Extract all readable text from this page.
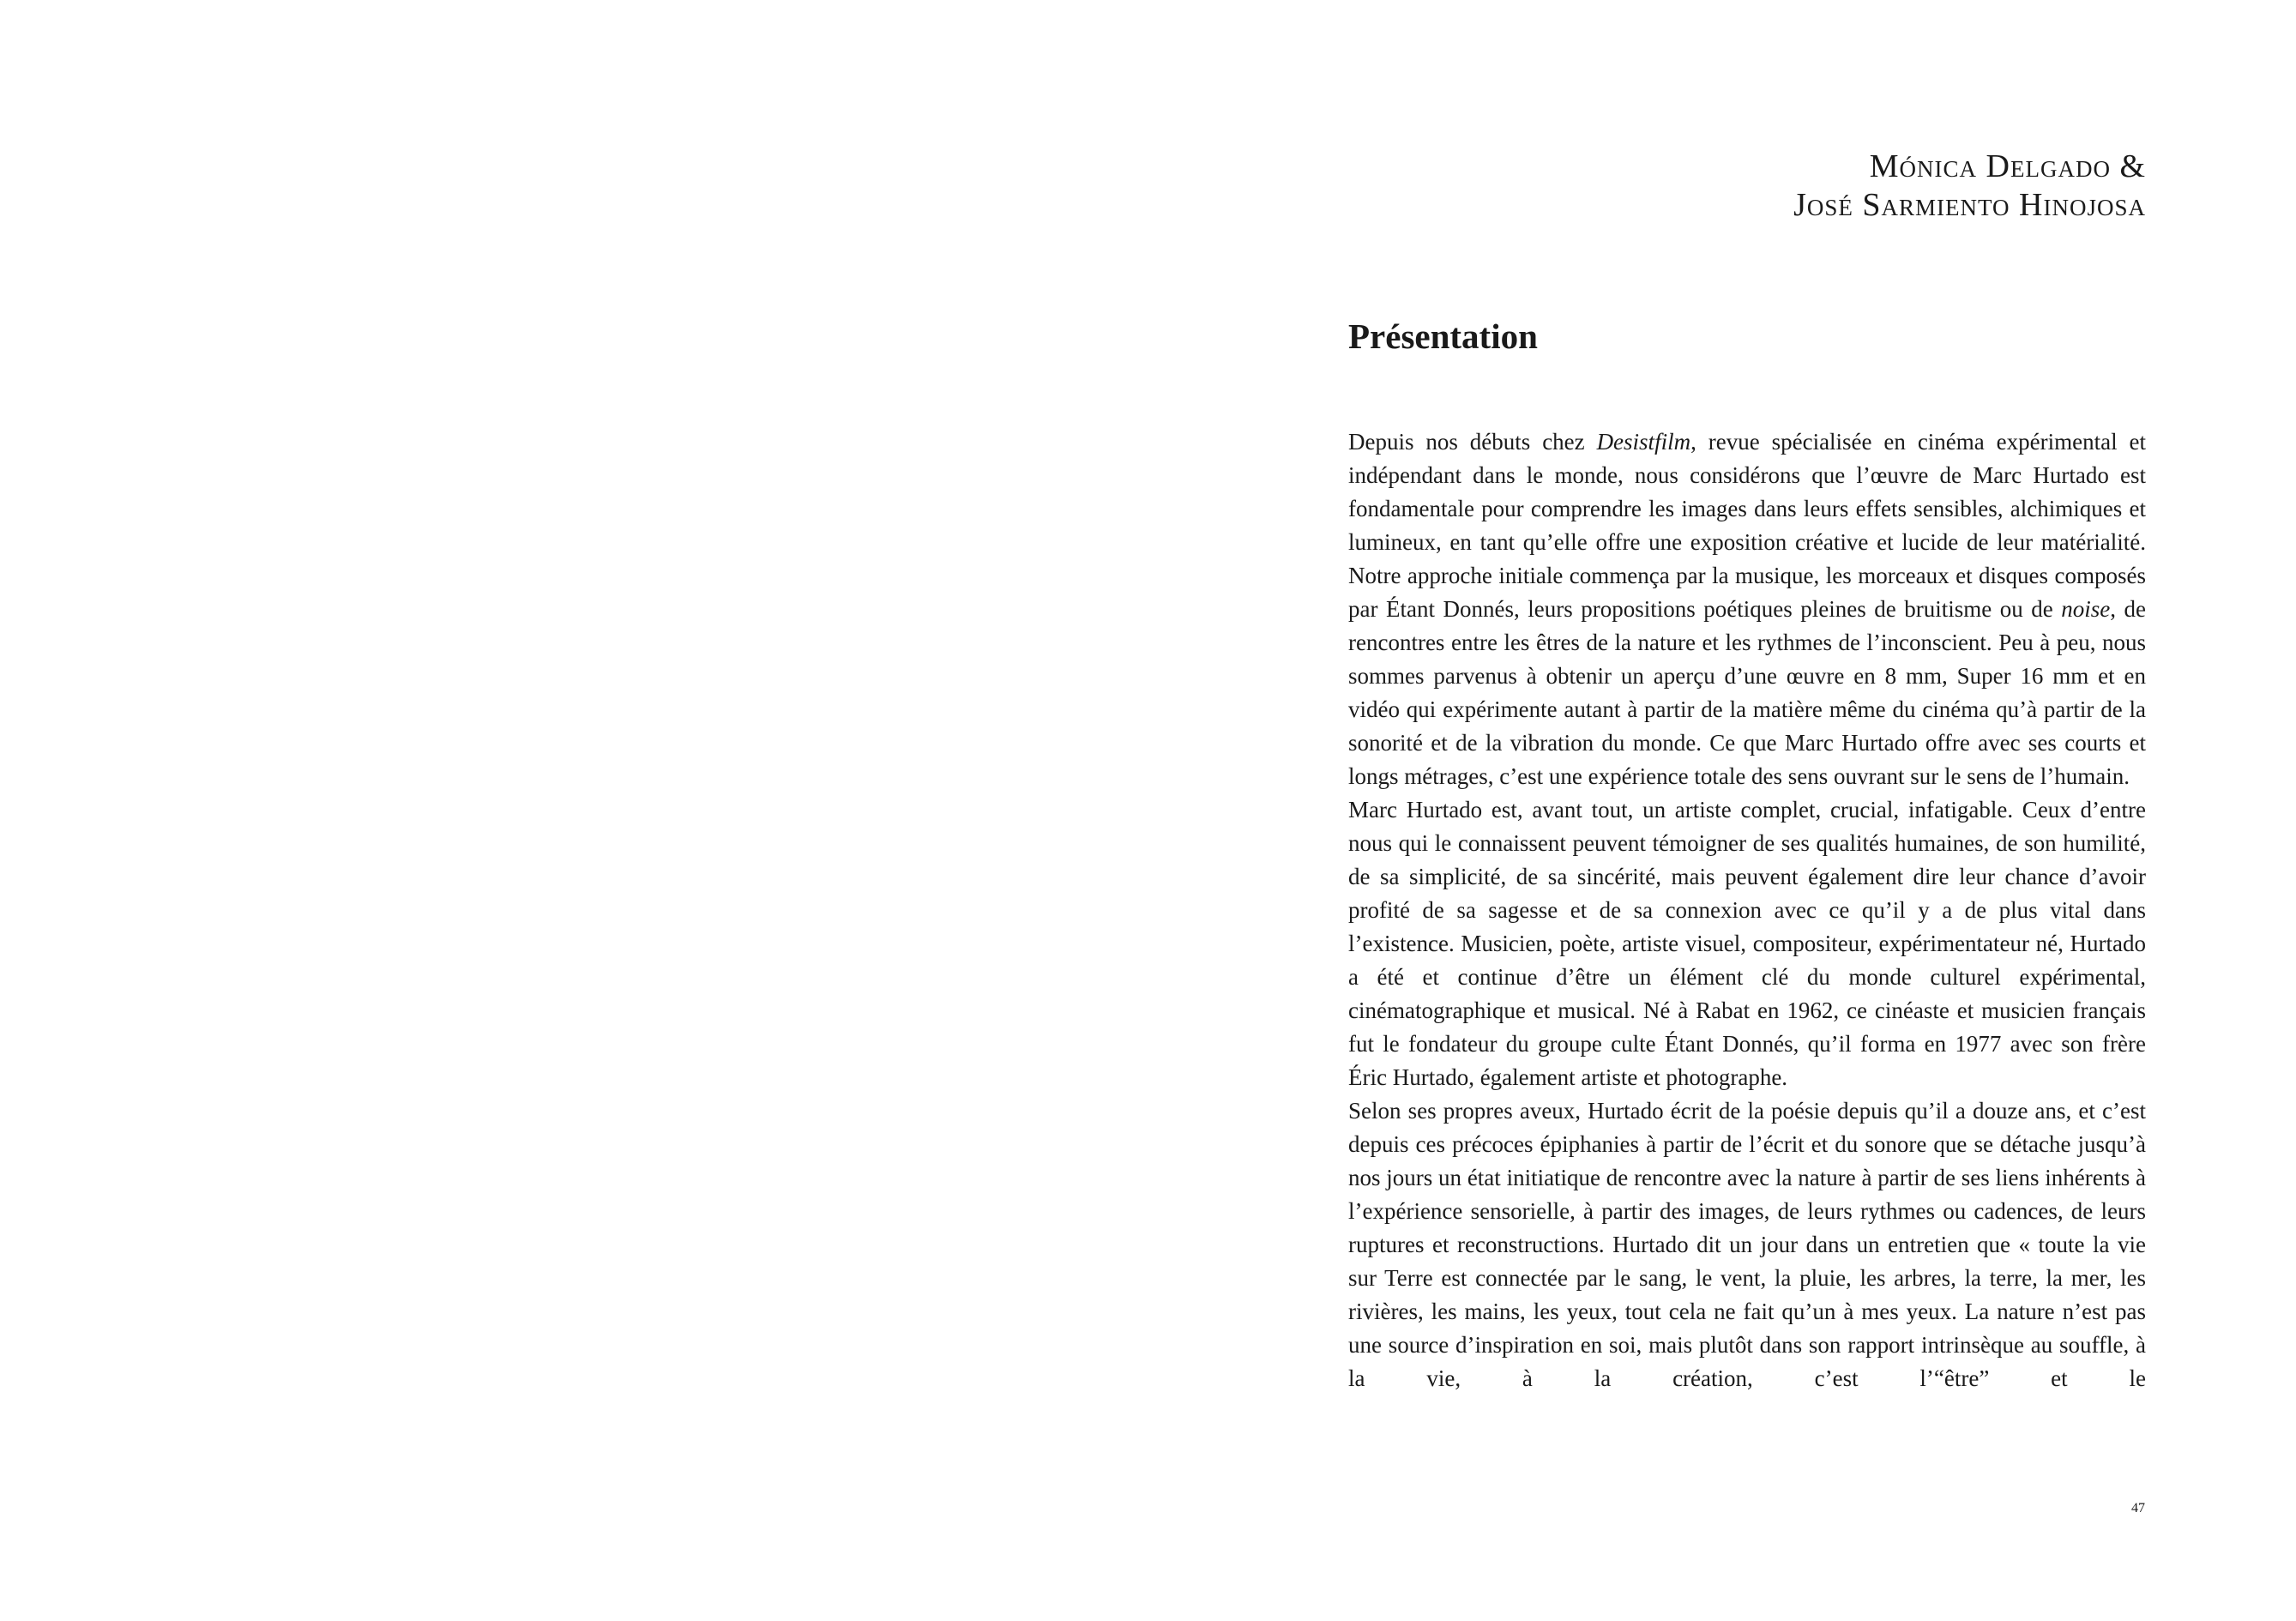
Mónica Delgado &
José Sarmiento Hinojosa
Présentation
Depuis nos débuts chez Desistfilm, revue spécialisée en cinéma expérimental et indépendant dans le monde, nous considérons que l’œuvre de Marc Hurtado est fondamentale pour comprendre les images dans leurs effets sensibles, alchimiques et lumineux, en tant qu’elle offre une exposition créative et lucide de leur matérialité. Notre approche initiale commença par la musique, les morceaux et disques composés par Étant Donnés, leurs propositions poétiques pleines de bruitisme ou de noise, de rencontres entre les êtres de la nature et les rythmes de l’inconscient. Peu à peu, nous sommes parvenus à obtenir un aperçu d’une œuvre en 8 mm, Super 16 mm et en vidéo qui expérimente autant à partir de la matière même du cinéma qu’à partir de la sonorité et de la vibration du monde. Ce que Marc Hurtado offre avec ses courts et longs métrages, c’est une expérience totale des sens ouvrant sur le sens de l’humain.
Marc Hurtado est, avant tout, un artiste complet, crucial, infatigable. Ceux d’entre nous qui le connaissent peuvent témoigner de ses qualités humaines, de son humilité, de sa simplicité, de sa sincérité, mais peuvent également dire leur chance d’avoir profité de sa sagesse et de sa connexion avec ce qu’il y a de plus vital dans l’existence. Musicien, poète, artiste visuel, compositeur, expérimentateur né, Hurtado a été et continue d’être un élément clé du monde culturel expérimental, cinématographique et musical. Né à Rabat en 1962, ce cinéaste et musicien français fut le fondateur du groupe culte Étant Donnés, qu’il forma en 1977 avec son frère Éric Hurtado, également artiste et photographe.
Selon ses propres aveux, Hurtado écrit de la poésie depuis qu’il a douze ans, et c’est depuis ces précoces épiphanies à partir de l’écrit et du sonore que se détache jusqu’à nos jours un état initiatique de rencontre avec la nature à partir de ses liens inhérents à l’expérience sensorielle, à partir des images, de leurs rythmes ou cadences, de leurs ruptures et reconstructions. Hurtado dit un jour dans un entretien que « toute la vie sur Terre est connectée par le sang, le vent, la pluie, les arbres, la terre, la mer, les rivières, les mains, les yeux, tout cela ne fait qu’un à mes yeux. La nature n’est pas une source d’inspiration en soi, mais plutôt dans son rapport intrinsèque au souffle, à la vie, à la création, c’est l’“être” et le
47
